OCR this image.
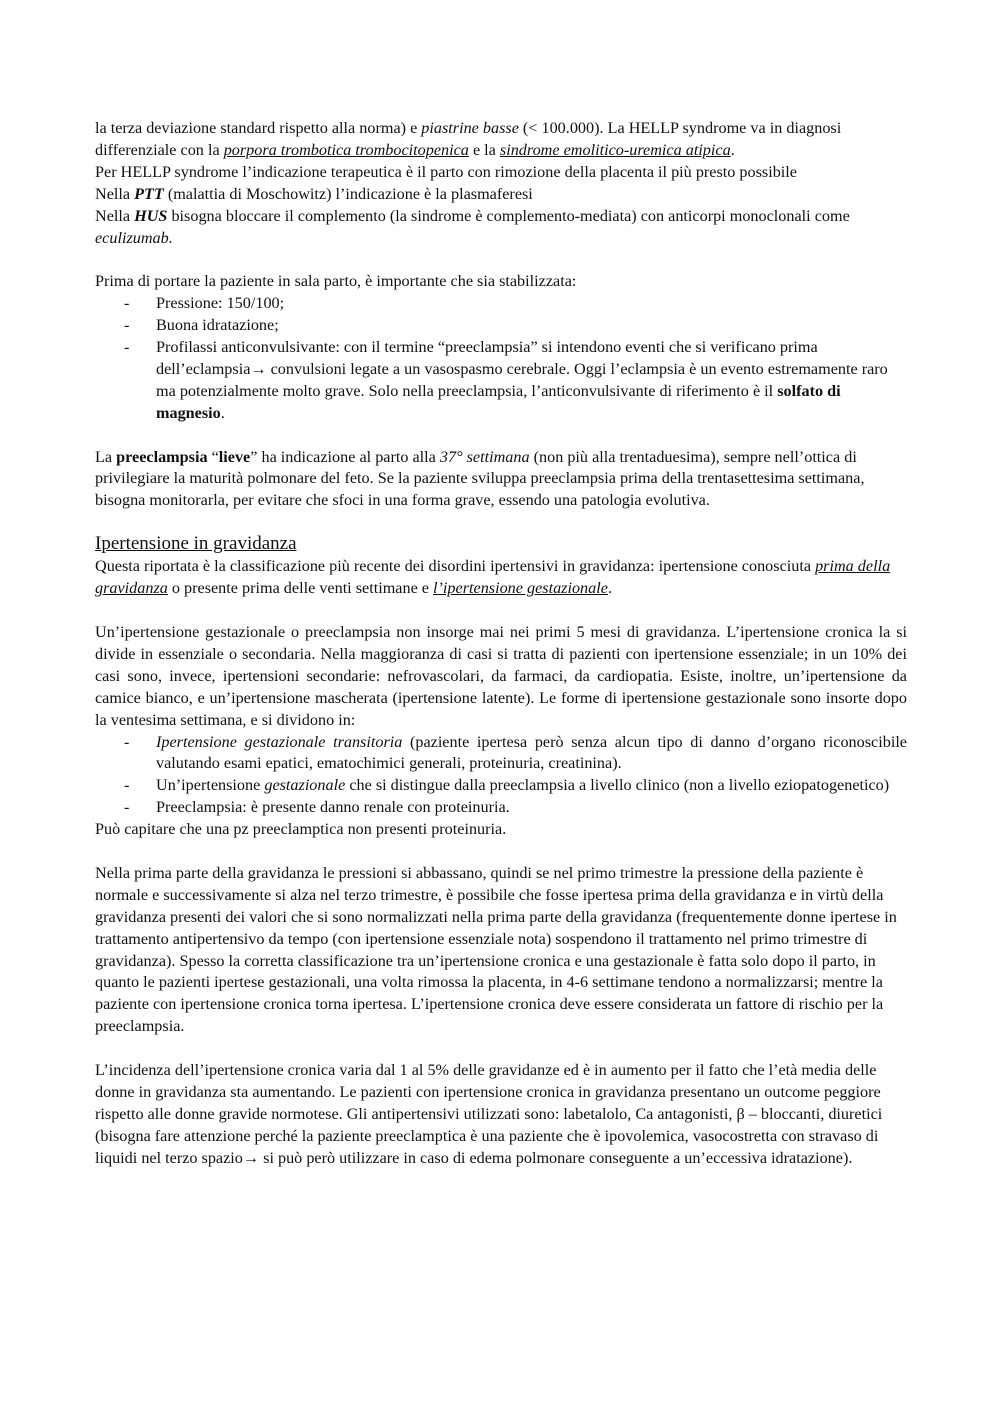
la terza deviazione standard rispetto alla norma) e piastrine basse (< 100.000). La HELLP syndrome va in diagnosi differenziale con la porpora trombotica trombocitopenica e la sindrome emolitico-uremica atipica.

Per HELLP syndrome l’indicazione terapeutica è il parto con rimozione della placenta il più presto possibile

Nella PTT (malattia di Moschowitz) l’indicazione è la plasmaferesi

Nella HUS bisogna bloccare il complemento (la sindrome è complemento-mediata) con anticorpi monoclonali come eculizumab.

Prima di portare la paziente in sala parto, è importante che sia stabilizzata:

- Pressione: 150/100;
- Buona idratazione;
- Profilassi anticonvulsivante: con il termine “preeclampsia” si intendono eventi che si verificano prima dell’eclampsia→ convulsioni legate a un vasospasmo cerebrale. Oggi l’eclampsia è un evento estremamente raro ma potenzialmente molto grave. Solo nella preeclampsia, l’anticonvulsivante di riferimento è il solfato di magnesio.

La preeclampsia “lieve” ha indicazione al parto alla 37° settimana (non più alla trentaduesima), sempre nell’ottica di privilegiare la maturità polmonare del feto. Se la paziente sviluppa preeclampsia prima della trentasettesima settimana, bisogna monitorarla, per evitare che sfoci in una forma grave, essendo una patologia evolutiva.

Ipertensione in gravidanza

Questa riportata è la classificazione più recente dei disordini ipertensivi in gravidanza: ipertensione conosciuta prima della gravidanza o presente prima delle venti settimane e l’ipertensione gestazionale.

Un’ipertensione gestazionale o preeclampsia non insorge mai nei primi 5 mesi di gravidanza. L’ipertensione cronica la si divide in essenziale o secondaria. Nella maggioranza di casi si tratta di pazienti con ipertensione essenziale; in un 10% dei casi sono, invece, ipertensioni secondarie: nefrovascolari, da farmaci, da cardiopatia. Esiste, inoltre, un’ipertensione da camice bianco, e un’ipertensione mascherata (ipertensione latente). Le forme di ipertensione gestazionale sono insorte dopo la ventesima settimana, e si dividono in:

- Ipertensione gestazionale transitoria (paziente ipertesa però senza alcun tipo di danno d’organo riconoscibile valutando esami epatici, ematochimici generali, proteinuria, creatinina).
- Un’ipertensione gestazionale che si distingue dalla preeclampsia a livello clinico (non a livello eziopatogenetico)
- Preeclampsia: è presente danno renale con proteinuria.

Può capitare che una pz preeclamptica non presenti proteinuria.

Nella prima parte della gravidanza le pressioni si abbassano, quindi se nel primo trimestre la pressione della paziente è normale e successivamente si alza nel terzo trimestre, è possibile che fosse ipertesa prima della gravidanza e in virtù della gravidanza presenti dei valori che si sono normalizzati nella prima parte della gravidanza (frequentemente donne ipertese in trattamento antipertensivo da tempo (con ipertensione essenziale nota) sospendono il trattamento nel primo trimestre di gravidanza). Spesso la corretta classificazione tra un’ipertensione cronica e una gestazionale è fatta solo dopo il parto, in quanto le pazienti ipertese gestazionali, una volta rimossa la placenta, in 4-6 settimane tendono a normalizzarsi; mentre la paziente con ipertensione cronica torna ipertesa. L’ipertensione cronica deve essere considerata un fattore di rischio per la preeclampsia.

L’incidenza dell’ipertensione cronica varia dal 1 al 5% delle gravidanze ed è in aumento per il fatto che l’età media delle donne in gravidanza sta aumentando. Le pazienti con ipertensione cronica in gravidanza presentano un outcome peggiore rispetto alle donne gravide normotese. Gli antipertensivi utilizzati sono: labetalolo, Ca antagonisti, β – bloccanti, diuretici (bisogna fare attenzione perché la paziente preeclamptica è una paziente che è ipovolemica, vasocostretta con stravaso di liquidi nel terzo spazio→ si può però utilizzare in caso di edema polmonare conseguente a un’eccessiva idratazione).
